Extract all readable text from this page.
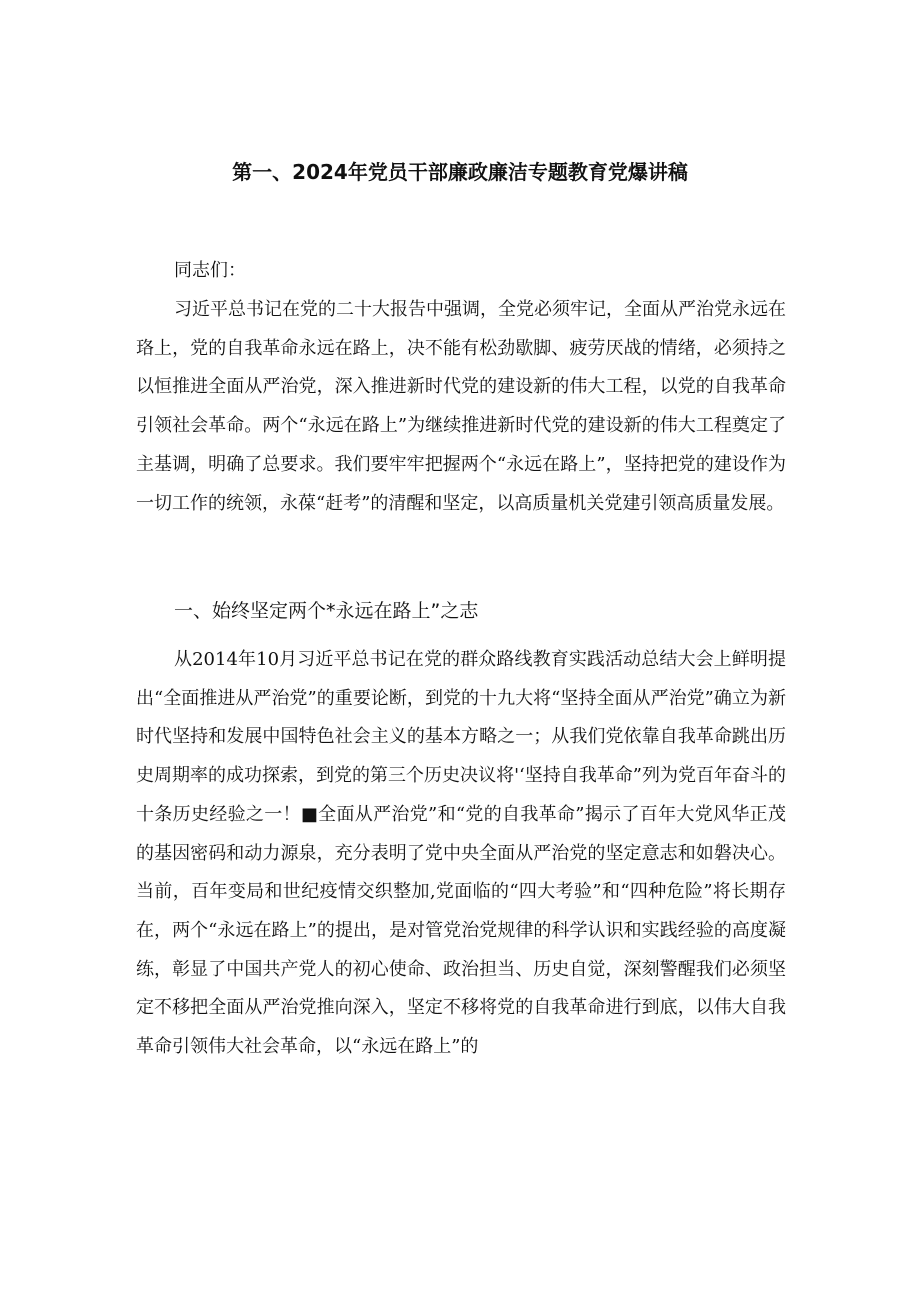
第一、2024年党员干部廉政廉洁专题教育党爆讲稿
同志们：

习近平总书记在党的二十大报告中强调，全党必须牢记，全面从严治党永远在珞上，党的自我革命永远在路上，决不能有松劲歇脚、疲劳厌战的情绪，必须持之以恒推进全面从严治党，深入推进新时代党的建设新的伟大工程，以党的自我革命引领社会革命。两个“永远在路上”为继续推进新时代党的建设新的伟大工程奠定了主基调，明确了总要求。我们要牢牢把握两个“永远在路上”，坚持把党的建设作为一切工作的统领，永葆“赶考”的清醒和坚定，以高质量机关党建引领高质量发展。

一、始终坚定两个*永远在路上”之志

从2014年10月习近平总书记在党的群众路线教育实践活动总结大会上鲜明提出“全面推进从严治党”的重要论断，到党的十九大将“坚持全面从严治党”确立为新时代坚持和发展中国特色社会主义的基本方略之一；从我们党依靠自我革命跳出历史周期率的成功探索，到党的第三个历史决议将'‘坚持自我革命”列为党百年奋斗的十条历史经验之一！■全面从严治党”和“党的自我革命”揭示了百年大党风华正茂的基因密码和动力源泉，充分表明了党中央全面从严治党的坚定意志和如磐决心。当前，百年变局和世纪疫情交织整加,党面临的“四大考验”和“四种危险”将长期存在，两个“永远在路上”的提出，是对管党治党规律的科学认识和实践经验的高度凝练，彰显了中国共产党人的初心使命、政治担当、历史自觉，深刻警醒我们必须坚定不移把全面从严治党推向深入，坚定不移将党的自我革命进行到底，以伟大自我革命引领伟大社会革命，以“永远在路上”的
